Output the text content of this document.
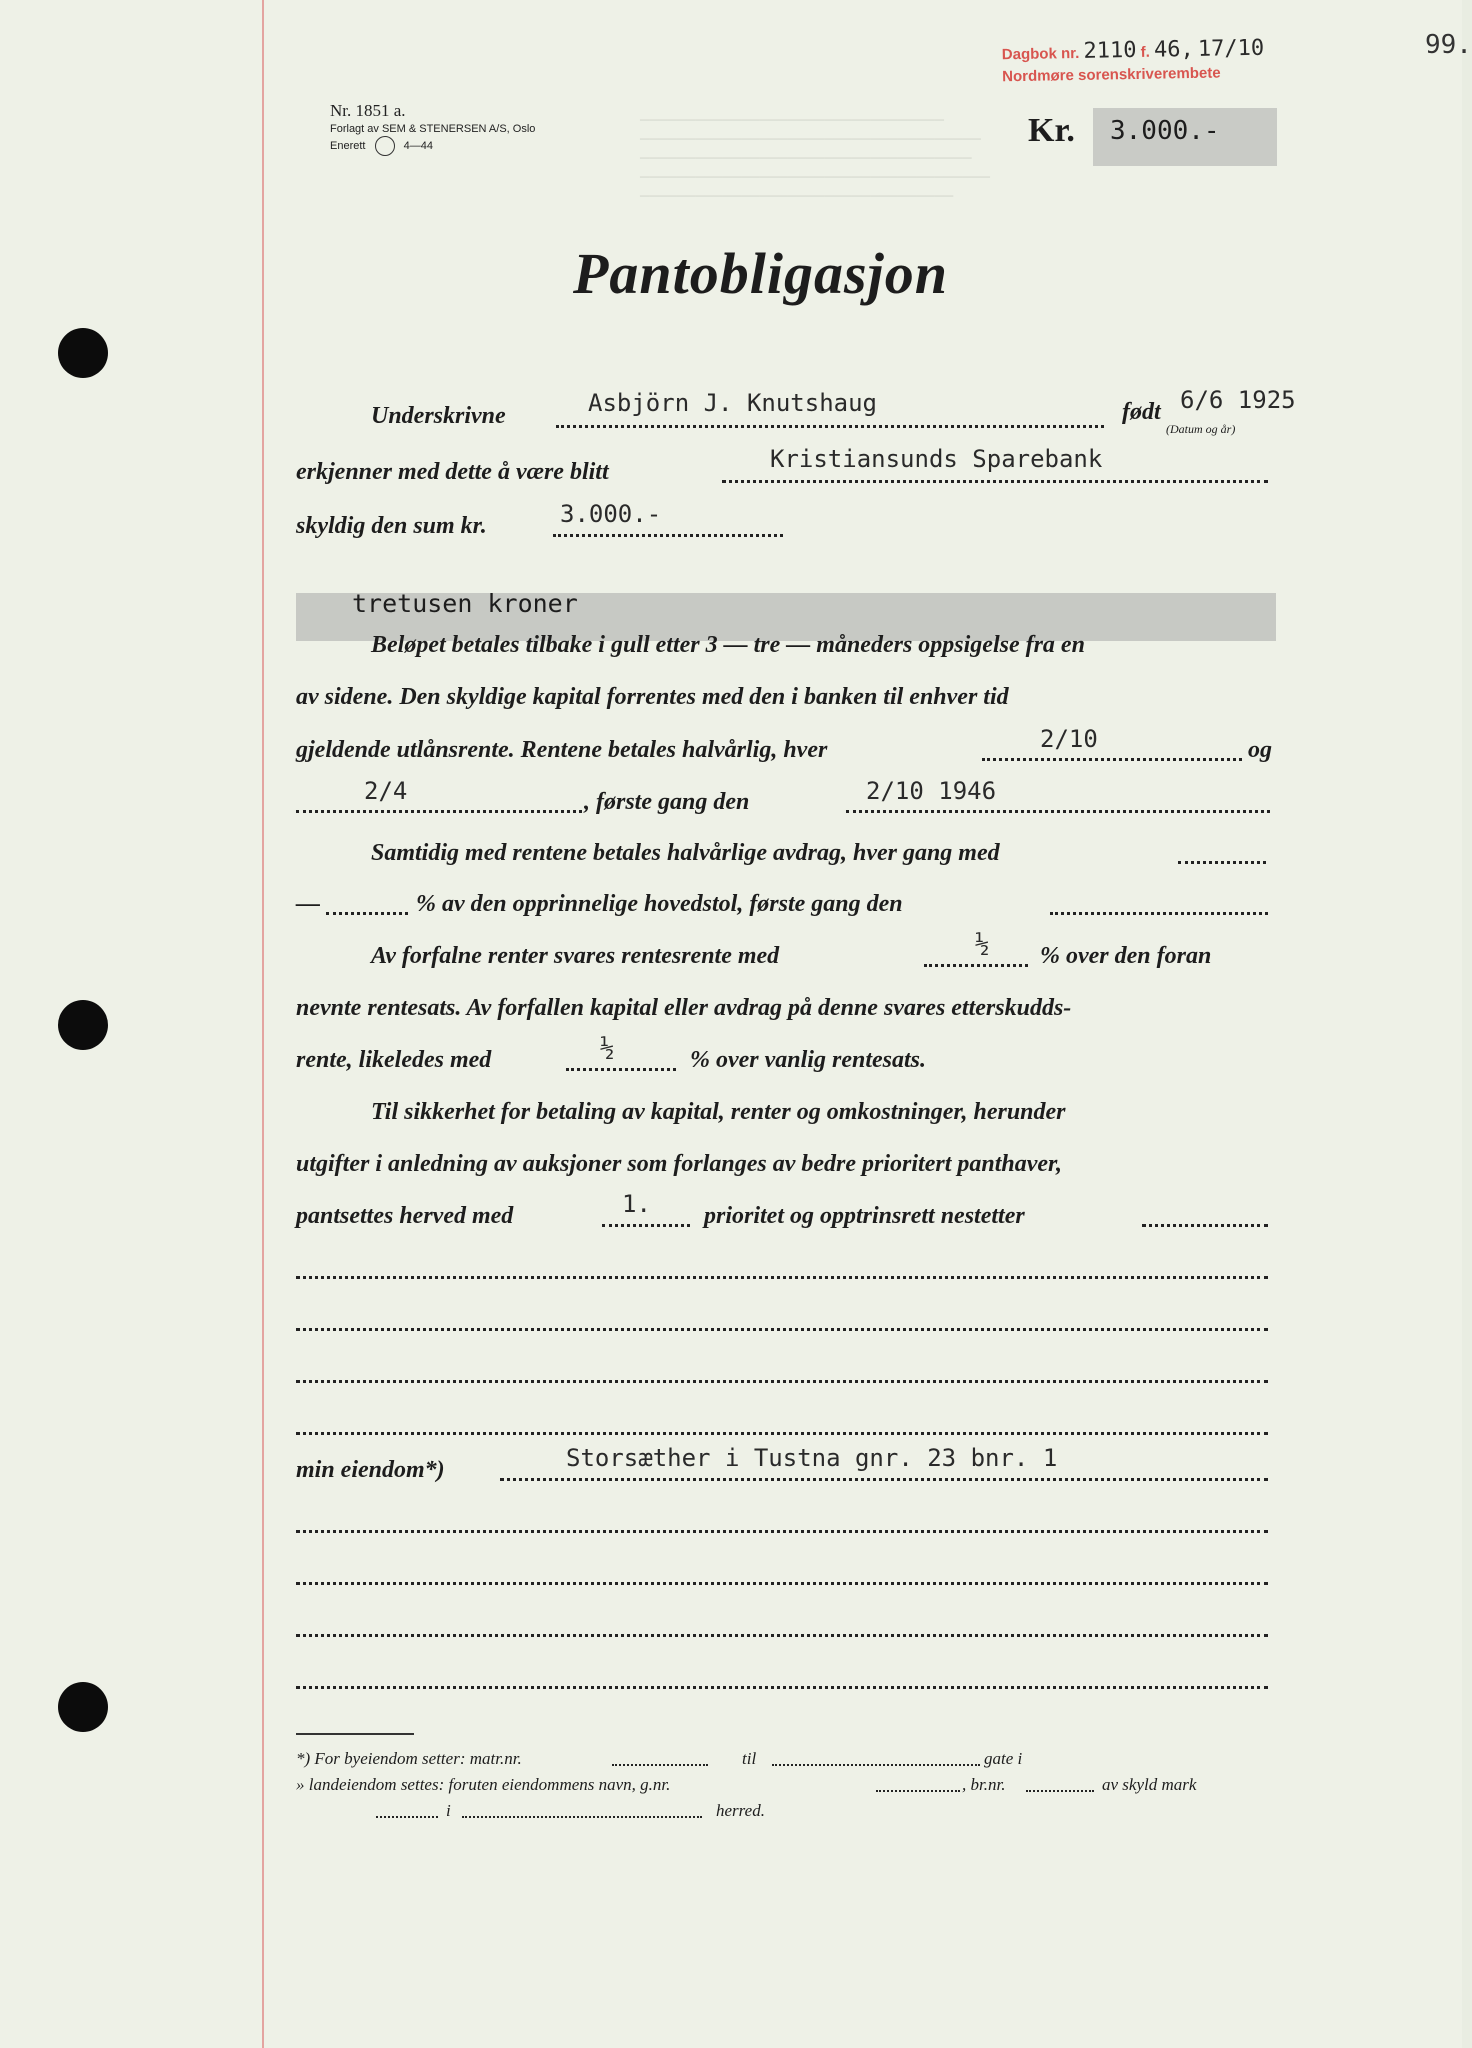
─────────────────────────────────
─────────────────────────────────────
────────────────────────────────────
──────────────────────────────────────
──────────────────────────────────
Nr. 1851 a.
Forlagt av SEM & STENERSEN A/S, Oslo
Enerett	4—44
Dagbok nr. 2110 f. 46, 17/10
Nordmøre sorenskriverembete
99.
Kr. 3.000.-
Pantobligasjon
Underskrivne	Asbjörn J. Knutshaug	født 6/6 1925
(Datum og år)
erkjenner med dette å være blitt	Kristiansunds Sparebank
skyldig den sum kr.	3.000.-
tretusen kroner
Beløpet betales tilbake i gull etter 3 — tre — måneders oppsigelse fra en
av sidene. Den skyldige kapital forrentes med den i banken til enhver tid
gjeldende utlånsrente. Rentene betales halvårlig, hver	2/10	og
2/4	, første gang den	2/10 1946
Samtidig med rentene betales halvårlige avdrag, hver gang med
—	% av den opprinnelige hovedstol, første gang den
Av forfalne renter svares rentesrente med	½ % over den foran
nevnte rentesats. Av forfallen kapital eller avdrag på denne svares etterskudds-
rente, likeledes med	½	% over vanlig rentesats.
Til sikkerhet for betaling av kapital, renter og omkostninger, herunder
utgifter i anledning av auksjoner som forlanges av bedre prioritert panthaver,
pantsettes herved med	1. prioritet og opptrinsrett nestetter
min eiendom*)	Storsæther i Tustna gnr. 23 bnr. 1
*) For byeiendom setter: matr.nr.	til	gate i
» landeiendom settes: foruten eiendommens navn, g.nr.	, br.nr.	av skyld mark
i	herred.
